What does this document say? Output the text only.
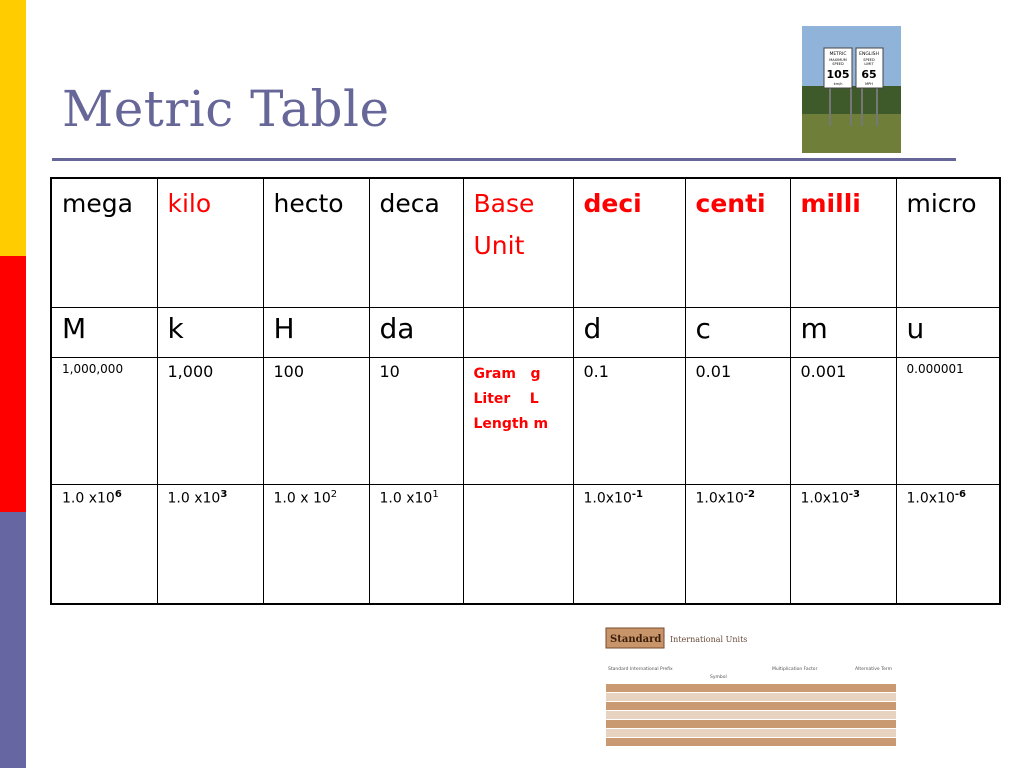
Metric Table
METRIC
MAXIMUM
SPEED
105
km/h
ENGLISH
SPEED
LIMIT
65
MPH
mega	kilo	hecto	deca	Base Unit	deci	centi	milli	micro
M	k	H	da		d	c	m	u
1,000,000	1,000	100	10	Gram   g
Liter    L
Length m	0.1	0.01	0.001	0.000001
1.0 $x10^6$	1.0 $x10^3$	1.0 x $10^2$	1.0 $x10^1$		$1.0x10^{-1}$	$1.0x10^{-2}$	$1.0x10^{-3}$	$1.0x10^{-6}$
Standard International Units
Standard International Prefix
Symbol
Multiplication Factor	Alternative Term
